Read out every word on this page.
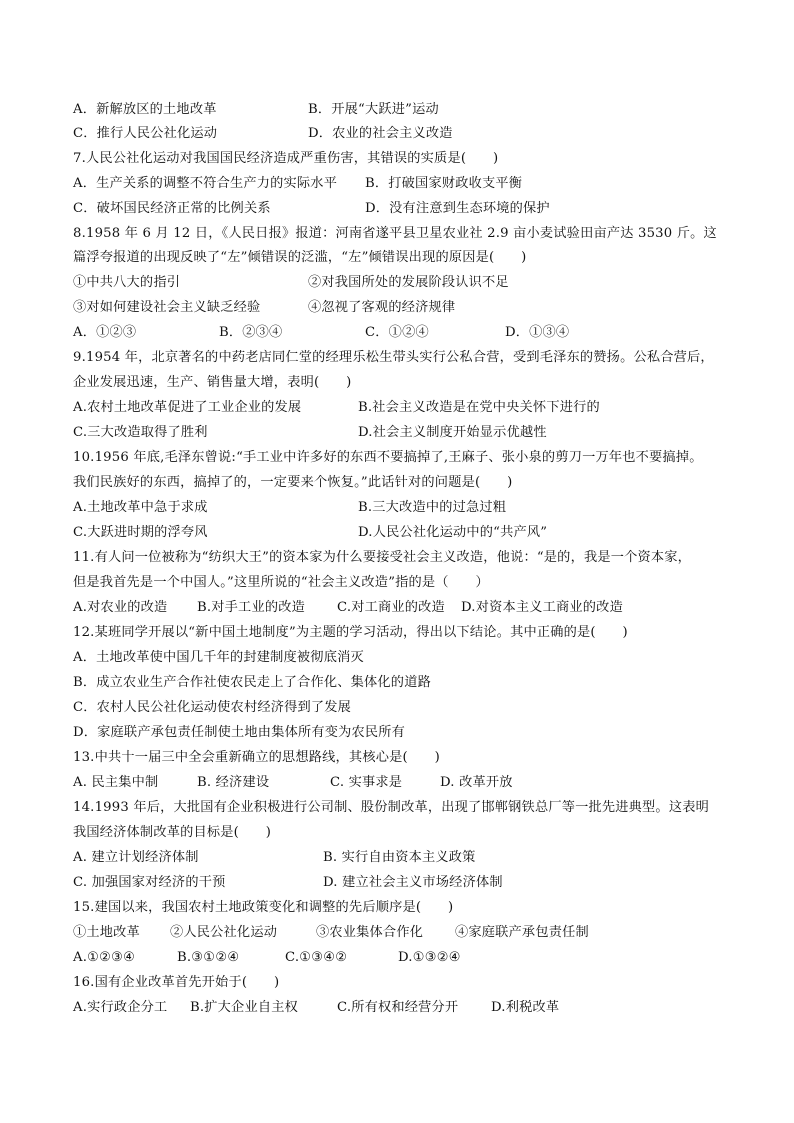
A．新解放区的土地改革	B．开展“大跃进”运动
C．推行人民公社化运动	D．农业的社会主义改造
7.人民公社化运动对我国国民经济造成严重伤害，其错误的实质是(　　)
A．生产关系的调整不符合生产力的实际水平 B．打破国家财政收支平衡
C．破坏国民经济正常的比例关系	D．没有注意到生态环境的保护
8.1958 年 6 月 12 日，《人民日报》报道：河南省遂平县卫星农业社 2.9 亩小麦试验田亩产达 3530 斤。这
篇浮夸报道的出现反映了“左”倾错误的泛滥，“左”倾错误出现的原因是(　　)
①中共八大的指引	②对我国所处的发展阶段认识不足
③对如何建设社会主义缺乏经验	④忽视了客观的经济规律
A．①②③	B．②③④	C．①②④	D．①③④
9.1954 年，北京著名的中药老店同仁堂的经理乐松生带头实行公私合营，受到毛泽东的赞扬。公私合营后，
企业发展迅速，生产、销售量大增，表明(　　)
A.农村土地改革促进了工业企业的发展	B.社会主义改造是在党中央关怀下进行的
C.三大改造取得了胜利	D.社会主义制度开始显示优越性
10.1956 年底,毛泽东曾说:“手工业中许多好的东西不要搞掉了,王麻子、张小泉的剪刀一万年也不要搞掉。
我们民族好的东西，搞掉了的，一定要来个恢复。”此话针对的问题是(　　)
A.土地改革中急于求成	B.三大改造中的过急过粗
C.大跃进时期的浮夸风	D.人民公社化运动中的“共产风”
11.有人问一位被称为“纺织大王”的资本家为什么要接受社会主义改造，他说：“是的，我是一个资本家，
但是我首先是一个中国人。”这里所说的“社会主义改造”指的是（　　）
A.对农业的改造 B.对手工业的改造 C.对工商业的改造 D.对资本主义工商业的改造
12.某班同学开展以“新中国土地制度”为主题的学习活动，得出以下结论。其中正确的是(　　)
A．土地改革使中国几千年的封建制度被彻底消灭
B．成立农业生产合作社使农民走上了合作化、集体化的道路
C．农村人民公社化运动使农村经济得到了发展
D．家庭联产承包责任制使土地由集体所有变为农民所有
13.中共十一届三中全会重新确立的思想路线，其核心是(　　)
A. 民主集中制	B. 经济建设	C. 实事求是	D. 改革开放
14.1993 年后，大批国有企业积极进行公司制、股份制改革，出现了邯郸钢铁总厂等一批先进典型。这表明
我国经济体制改革的目标是(　　)
A. 建立计划经济体制	B. 实行自由资本主义政策
C. 加强国家对经济的干预	D. 建立社会主义市场经济体制
15.建国以来，我国农村土地政策变化和调整的先后顺序是(　　)
①土地改革 ②人民公社化运动	③农业集体合作化 ④家庭联产承包责任制
A.①②③④	B.③①②④	C.①③④②	D.①③②④
16.国有企业改革首先开始于(　　)
A.实行政企分工 B.扩大企业自主权	C.所有权和经营分开 D.利税改革
